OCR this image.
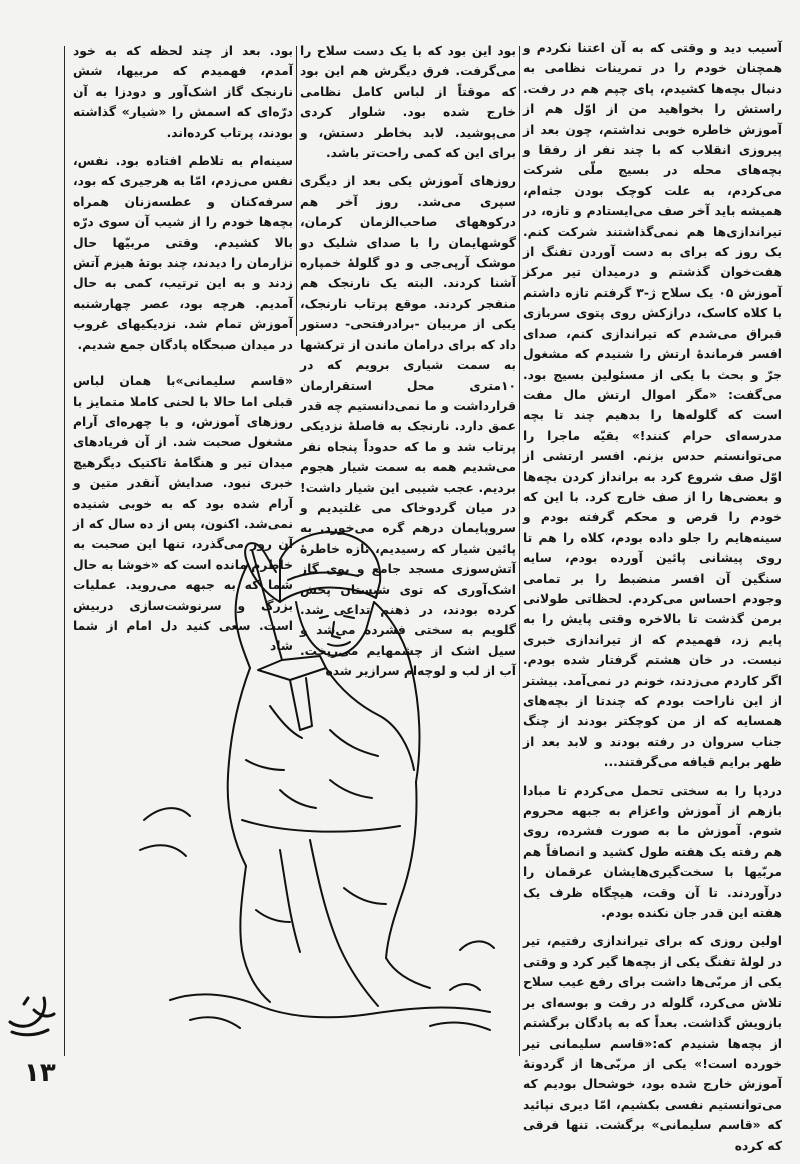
آسیب دید و وقتی که به آن اعتنا نکردم و همچنان خودم را در تمرینات نظامی به دنبال بچه‌ها کشیدم، پای چپم هم در رفت. راستش را بخواهید من از اوّل هم از آموزش خاطره خوبی نداشتم، چون بعد از پیروزی انقلاب که با چند نفر از رفقا و بچه‌های محله در بسیج ملّی شرکت می‌کردم، به علت کوچک بودن جثه‌ام، همیشه باید آخر صف می‌ایستادم و تازه، در تیراندازی‌ها هم نمی‌گذاشتند شرکت کنم. یک روز که برای به دست آوردن تفنگ از هفت‌خوان گذشتم و درمیدان تیر مرکز آموزش ۰۵ یک سلاح ژ-۳ گرفتم تازه داشتم با کلاه کاسک، درازکش روی پتوی سربازی قبراق می‌شدم که تیراندازی کنم، صدای افسر فرمانده‌ٔ ارتش را شنیدم که مشغول جرّ و بحث با یکی از مسئولین بسیج بود. می‌گفت: «مگر اموال ارتش مال مفت است که گلوله‌ها را بدهیم چند تا بچه مدرسه‌ای حرام کنند!» بقیّه ماجرا را می‌توانستم حدس بزنم. افسر ارتشی از اوّل صف شروع کرد به برانداز کردن بچه‌ها و بعضی‌ها را از صف خارج کرد. با این که خودم را قرص و محکم گرفته بودم و سینه‌هایم را جلو داده بودم، کلاه را هم تا روی پیشانی پائین آورده بودم، سایه سنگین آن افسر منضبط را بر تمامی وجودم احساس می‌کردم. لحظاتی طولانی برمن گذشت تا بالاخره وقتی پایش را به پایم زد، فهمیدم که از تیراندازی خبری نیست. در خان هشتم گرفتار شده بودم. اگر کاردم می‌زدند، خونم در نمی‌آمد. بیشتر از این ناراحت بودم که چندتا از بچه‌های همسایه که از من کوچکتر بودند از چنگ جناب سروان در رفته بودند و لابد بعد از ظهر برایم قیافه می‌گرفتند...

دردپا را به سختی تحمل می‌کردم تا مبادا بازهم از آموزش واعزام به جبهه محروم شوم. آموزش ما به صورت فشرده، روی هم رفته یک هفته طول کشید و انصافاً هم مربّیها با سخت‌گیری‌هایشان عرقمان را درآوردند. تا آن وقت، هیچگاه ظرف یک هفته این قدر جان نکنده بودم.

اولین روزی که برای تیراندازی رفتیم، تیر در لولهٔ تفنگ یکی از بچه‌ها گیر کرد و وقتی یکی از مربّی‌ها داشت برای رفع عیب سلاح تلاش می‌کرد، گلوله در رفت و بوسه‌ای بر بازویش گذاشت. بعداً که به پادگان برگشتم از بچه‌ها شنیدم که:«قاسم سلیمانی تیر خورده است!» یکی از مربّی‌ها از گردونهٔ آموزش خارج شده بود، خوشحال بودیم که می‌توانستیم نفسی بکشیم، امّا دیری نپائید که «قاسم سلیمانی» برگشت. تنها فرقی که کرده

بود این بود که با یک دست سلاح را می‌گرفت. فرق دیگرش هم این بود که موقتاً از لباس کامل نظامی خارج شده بود. شلوار کردی می‌پوشید. لابد بخاطر دستش، و برای این که کمی راحت‌تر باشد.

روزهای آموزش یکی بعد از دیگری سپری می‌شد. روز آخر هم درکوههای صاحب‌الزمان کرمان، گوشهایمان را با صدای شلیک دو موشک آرپی‌جی و دو گلولهٔ خمپاره آشنا کردند. البته یک نارنجک هم منفجر کردند. موقع پرتاب نارنجک، یکی از مربیان -برادرفتحی- دستور داد که برای درامان ماندن از ترکشها به سمت شیاری برویم که در ۱۰متری محل استقرارمان قرارداشت و ما نمی‌دانستیم چه قدر عمق دارد. نارنجک به فاصلهٔ نزدیکی پرتاب شد و ما که حدوداً پنجاه نفر می‌شدیم همه به سمت شیار هجوم بردیم. عجب شیبی این شیار داشت! در میان گردوخاک می غلتیدیم و سروپایمان درهم گره می‌خورد. به پائین شیار که رسیدیم، تازه خاطرهٔ آتش‌سوزی مسجد جامع و بوی گاز اشک‌آوری که توی شبستان پخش کرده بودند، در ذهنم تداعی شد. گلویم به سختی فشرده می‌شد و سیل اشک از چشمهایم می‌ریخت. آب از لب و لوچه‌ام سرازیر شده

بود. بعد از چند لحظه که به خود آمدم، فهمیدم که مربیها، شش نارنجک گاز اشک‌آور و دودزا به آن درّه‌ای که اسمش را «شیار» گذاشته بودند، پرتاب کرده‌اند.

سینه‌ام به تلاطم افتاده بود. نفس، نفس می‌زدم، امّا به هرجیری که بود، سرفه‌کنان و عطسه‌زنان همراه بچه‌ها خودم را از شیب آن سوی درّه بالا کشیدم. وقتی مربیّها حال نزارمان را دیدند، چند بوتهٔ هیزم آتش زدند و به این ترتیب، کمی به حال آمدیم. هرچه بود، عصر چهارشنبه آموزش تمام شد. نزدیکیهای غروب در میدان صبحگاه پادگان جمع شدیم.

«قاسم سلیمانی»با همان لباس قبلی اما حالا با لحنی کاملا متمایز با روزهای آموزش، و با چهره‌ای آرام مشغول صحبت شد. از آن فریادهای میدان تیر و هنگامهٔ تاکتیک دیگرهیچ خبری نبود. صدایش آنقدر متین و آرام شده بود که به خوبی شنیده نمی‌شد. اکنون، پس از ده سال که از آن روز می‌گذرد، تنها این صحبت به خاطرم مانده است که «خوشا به حال شما که به جبهه می‌روید. عملیات بزرگ و سرنوشت‌سازی دربیش است. سعی کنید دل امام از شما شاد

۱۳
